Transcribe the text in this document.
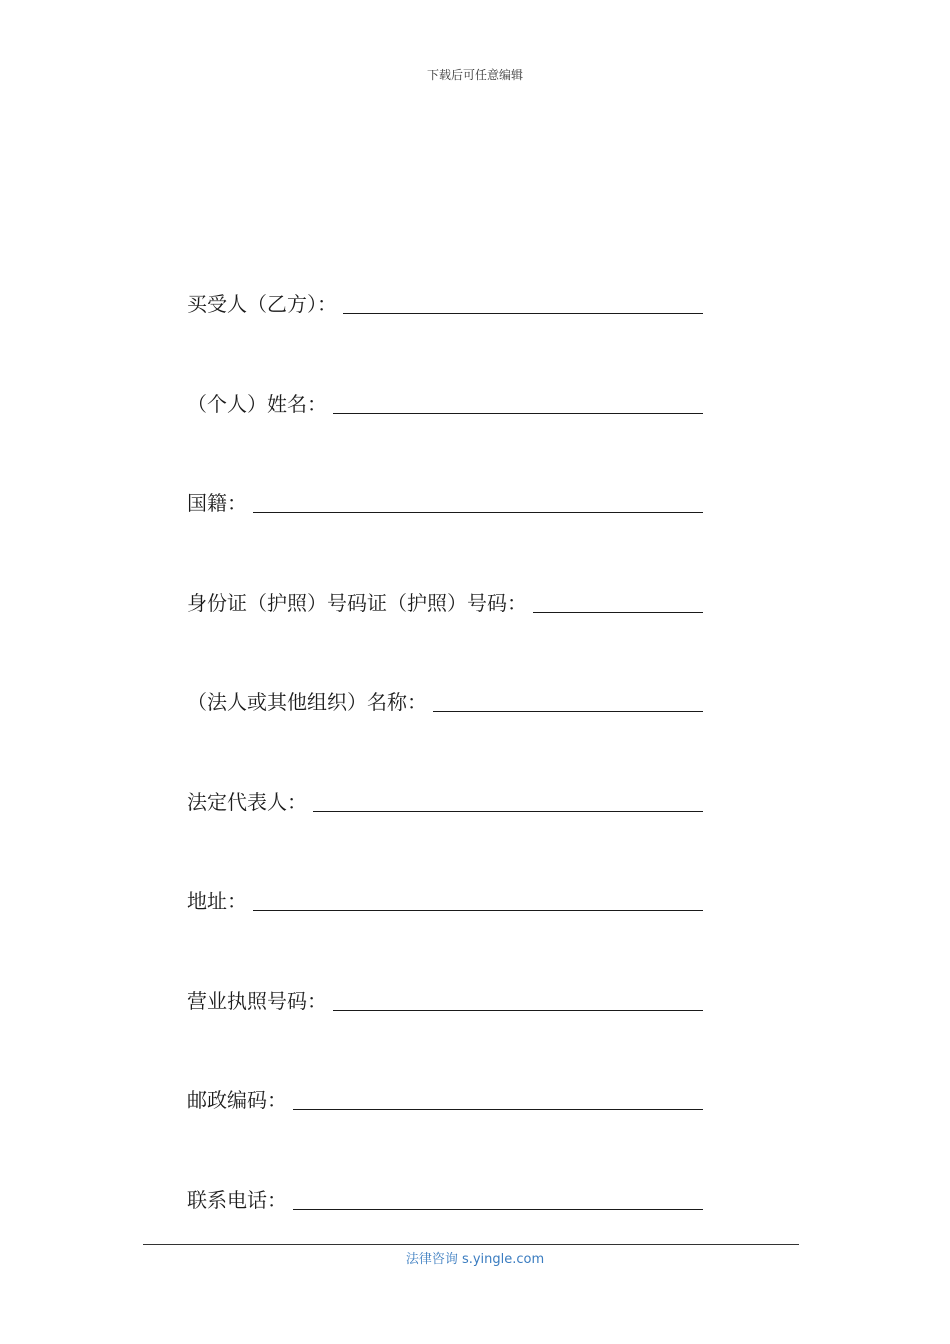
下载后可任意编辑
买受人（乙方）：
（个人）姓名：
国籍：
身份证（护照）号码证（护照）号码：
（法人或其他组织）名称：
法定代表人：
地址：
营业执照号码：
邮政编码：
联系电话：
法律咨询 s.yingle.com
